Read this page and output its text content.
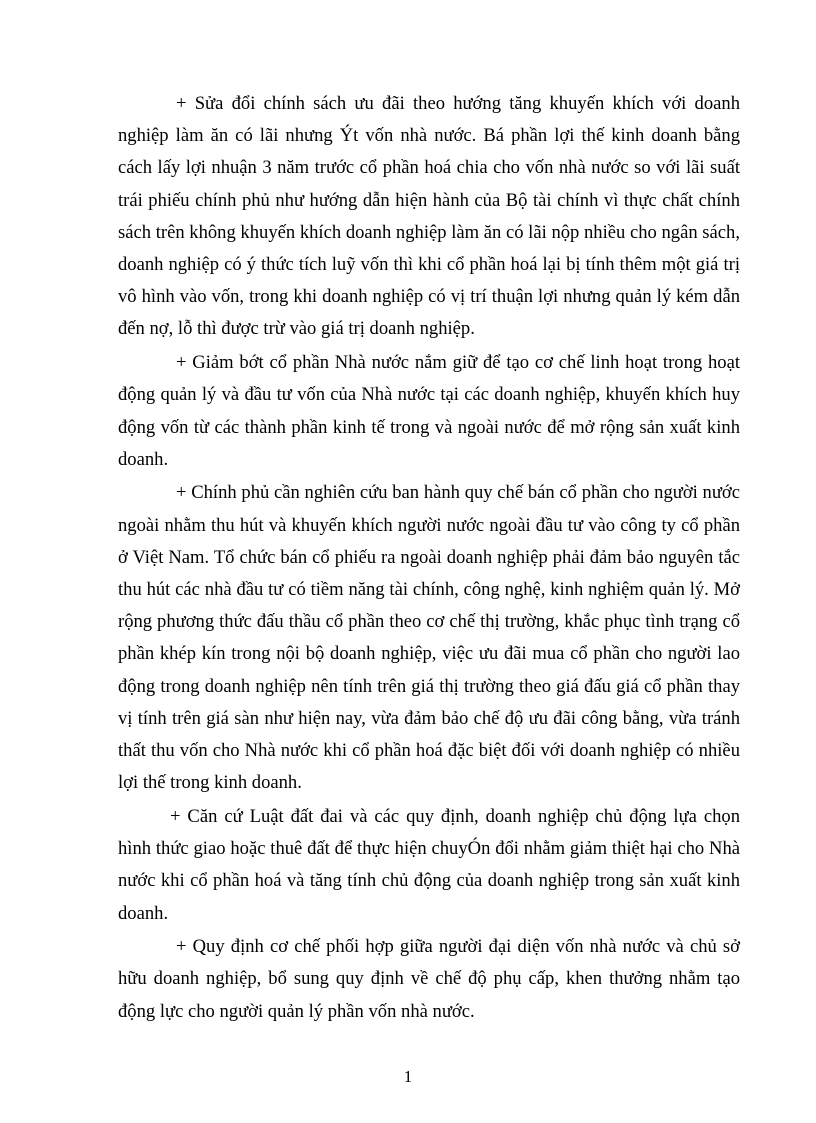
+ Sửa đổi chính sách ưu đãi theo hướng tăng khuyến khích với doanh nghiệp làm ăn có lãi nhưng Ýt vốn nhà nước. Bá phần lợi thế kinh doanh bằng cách lấy lợi nhuận 3 năm trước cổ phần hoá chia cho vốn nhà nước so với lãi suất trái phiếu chính phủ như hướng dẫn hiện hành của Bộ tài chính vì thực chất chính sách trên không khuyến khích doanh nghiệp làm ăn có lãi nộp nhiều cho ngân sách, doanh nghiệp có ý thức tích luỹ vốn thì khi cổ phần hoá lại bị tính thêm một giá trị vô hình vào vốn, trong khi doanh nghiệp có vị trí thuận lợi nhưng quản lý kém dẫn đến nợ, lỗ thì được trừ vào giá trị doanh nghiệp.

+ Giảm bớt cổ phần Nhà nước nắm giữ để tạo cơ chế linh hoạt trong hoạt động quản lý và đầu tư vốn của Nhà nước tại các doanh nghiệp, khuyến khích huy động vốn từ các thành phần kinh tế trong và ngoài nước để mở rộng sản xuất kinh doanh.

+ Chính phủ cần nghiên cứu ban hành quy chế bán cổ phần cho người nước ngoài nhằm thu hút và khuyến khích người nước ngoài đầu tư vào công ty cổ phần ở Việt Nam. Tổ chức bán cổ phiếu ra ngoài doanh nghiệp phải đảm bảo nguyên tắc thu hút các nhà đầu tư có tiềm năng tài chính, công nghệ, kinh nghiệm quản lý. Mở rộng phương thức đấu thầu cổ phần theo cơ chế thị trường, khắc phục tình trạng cổ phần khép kín trong nội bộ doanh nghiệp, việc ưu đãi mua cổ phần cho người lao động trong doanh nghiệp nên tính trên giá thị trường theo giá đấu giá cổ phần thay vị tính trên giá sàn như hiện nay, vừa đảm bảo chế độ ưu đãi công bằng, vừa tránh thất thu vốn cho Nhà nước khi cổ phần hoá đặc biệt đối với doanh nghiệp có nhiều lợi thế trong kinh doanh.

+ Căn cứ Luật đất đai và các quy định, doanh nghiệp chủ động lựa chọn hình thức giao hoặc thuê đất để thực hiện chuyÓn đổi nhằm giảm thiệt hại cho Nhà nước khi cổ phần hoá và tăng tính chủ động của doanh nghiệp trong sản xuất kinh doanh.

+ Quy định cơ chế phối hợp giữa người đại diện vốn nhà nước và chủ sở hữu doanh nghiệp, bổ sung quy định về chế độ phụ cấp, khen thưởng nhằm tạo động lực cho người quản lý phần vốn nhà nước.

1
